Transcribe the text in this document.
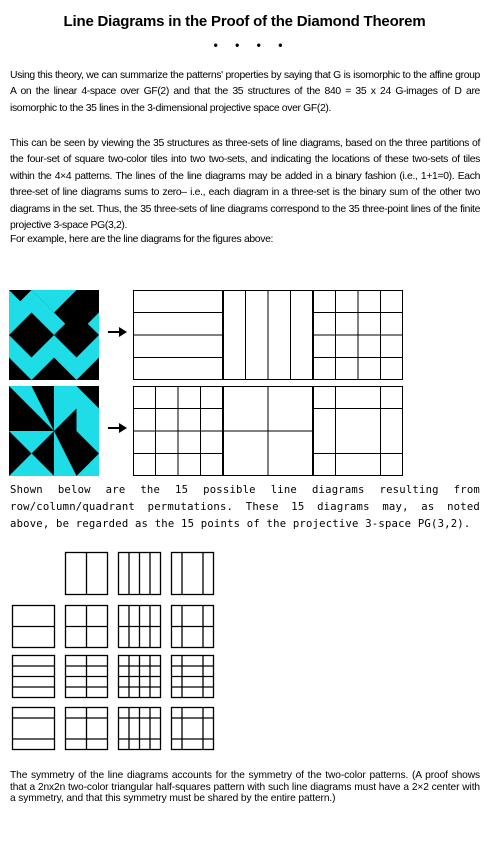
Line Diagrams in the Proof of the Diamond Theorem
• • • •

Using this theory, we can summarize the patterns' properties by saying that G is isomorphic to the affine group A on the linear 4-space over GF(2) and that the 35 structures of the 840 = 35 x 24 G-images of D are isomorphic to the 35 lines in the 3-dimensional projective space over GF(2).

This can be seen by viewing the 35 structures as three-sets of line diagrams, based on the three partitions of the four-set of square two-color tiles into two two-sets, and indicating the locations of these two-sets of tiles within the 4×4 patterns. The lines of the line diagrams may be added in a binary fashion (i.e., 1+1=0). Each three-set of line diagrams sums to zero– i.e., each diagram in a three-set is the binary sum of the other two diagrams in the set. Thus, the 35 three-sets of line diagrams correspond to the 35 three-point lines of the finite projective 3-space PG(3,2).

For example, here are the line diagrams for the figures above:

Shown below are the 15 possible line diagrams resulting from row/column/quadrant permutations. These 15 diagrams may, as noted above, be regarded as the 15 points of the projective 3-space PG(3,2).

The symmetry of the line diagrams accounts for the symmetry of the two-color patterns. (A proof shows that a 2nx2n two-color triangular half-squares pattern with such line diagrams must have a 2×2 center with a symmetry, and that this symmetry must be shared by the entire pattern.)
